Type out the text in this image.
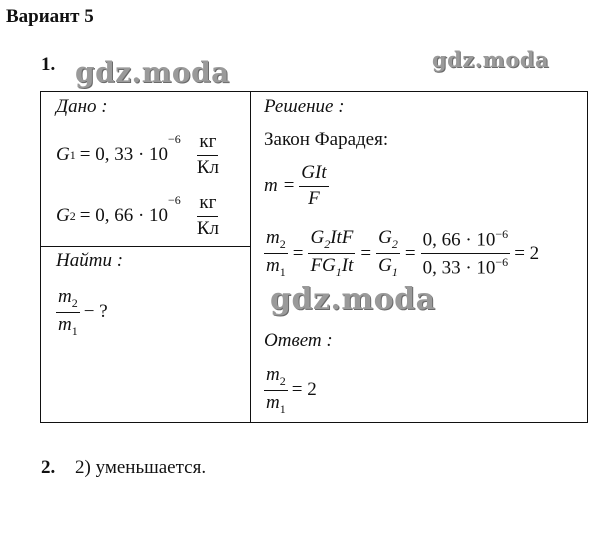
Вариант 5
1. gdz.moda	gdz.moda
Дано :
G 1 = 0, 33 · 10
$^{-6} \frac{кг}{Кл}$
G 2 = 0, 66 · 10
$^{-6} \frac{кг}{Кл}$
Найти :
$\frac{m_2}{m_1}$ − ?
Решение :
Закон Фарадея:
$m = \frac{\text{GIt}}{F}$
$\frac{m_2}{m_1} = \frac{G_2ItF}{FG_1It} = \frac{G_2}{G_1} = \frac{0, 66 \cdot 10^{-6}}{0, 33 \cdot 10^{-6}} = 2$
gdz.moda
Ответ :
$\frac{m_2}{m_1} = 2$
2. 2) уменьшается.
